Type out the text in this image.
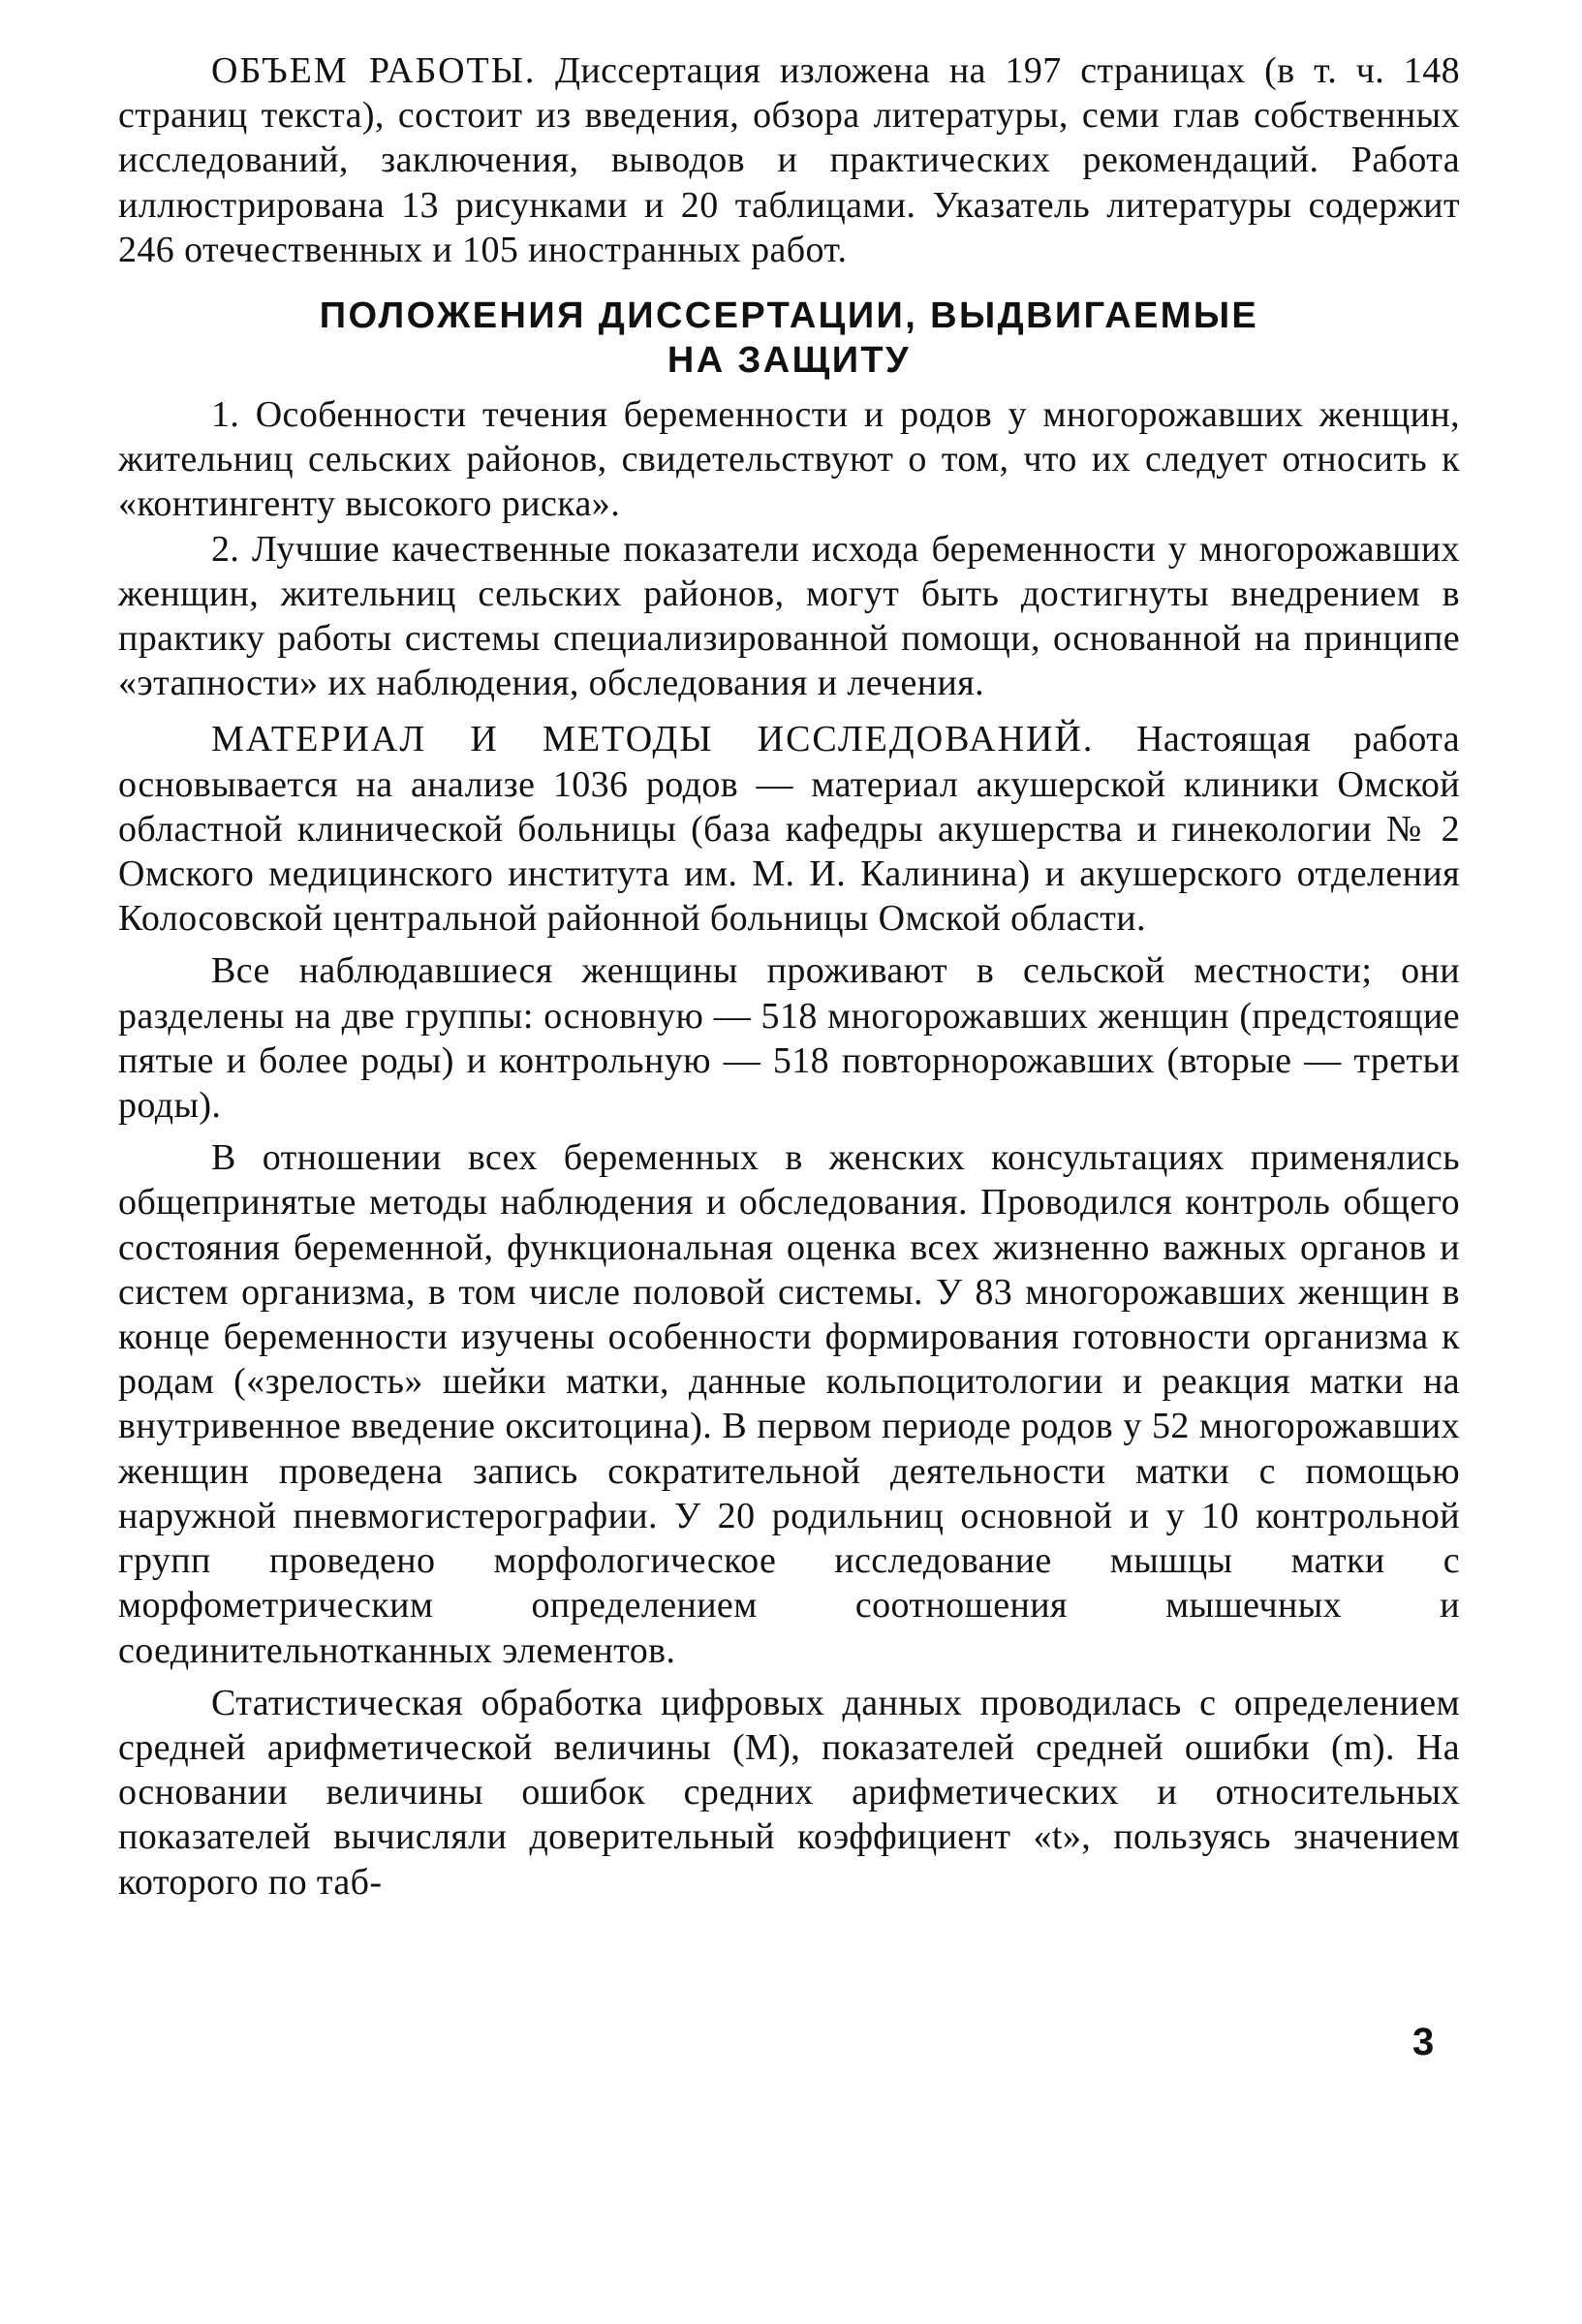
ОБЪЕМ РАБОТЫ. Диссертация изложена на 197 страницах (в т. ч. 148 страниц текста), состоит из введения, обзора литературы, семи глав собственных исследований, заключения, выводов и практических рекомендаций. Работа иллюстрирована 13 рисунками и 20 таблицами. Указатель литературы содержит 246 отечественных и 105 иностранных работ.

ПОЛОЖЕНИЯ ДИССЕРТАЦИИ, ВЫДВИГАЕМЫЕ
НА ЗАЩИТУ

1. Особенности течения беременности и родов у многорожавших женщин, жительниц сельских районов, свидетельствуют о том, что их следует относить к «контингенту высокого риска».

2. Лучшие качественные показатели исхода беременности у многорожавших женщин, жительниц сельских районов, могут быть достигнуты внедрением в практику работы системы специализированной помощи, основанной на принципе «этапности» их наблюдения, обследования и лечения.

МАТЕРИАЛ И МЕТОДЫ ИССЛЕДОВАНИЙ. Настоящая работа основывается на анализе 1036 родов — материал акушерской клиники Омской областной клинической больницы (база кафедры акушерства и гинекологии № 2 Омского медицинского института им. М. И. Калинина) и акушерского отделения Колосовской центральной районной больницы Омской области.

Все наблюдавшиеся женщины проживают в сельской местности; они разделены на две группы: основную — 518 многорожавших женщин (предстоящие пятые и более роды) и контрольную — 518 повторнорожавших (вторые — третьи роды).

В отношении всех беременных в женских консультациях применялись общепринятые методы наблюдения и обследования. Проводился контроль общего состояния беременной, функциональная оценка всех жизненно важных органов и систем организма, в том числе половой системы. У 83 многорожавших женщин в конце беременности изучены особенности формирования готовности организма к родам («зрелость» шейки матки, данные кольпоцитологии и реакция матки на внутривенное введение окситоцина). В первом периоде родов у 52 многорожавших женщин проведена запись сократительной деятельности матки с помощью наружной пневмогистерографии. У 20 родильниц основной и у 10 контрольной групп проведено морфологическое исследование мышцы матки с морфометрическим определением соотношения мышечных и соединительнотканных элементов.

Статистическая обработка цифровых данных проводилась с определением средней арифметической величины (М), показателей средней ошибки (m). На основании величины ошибок средних арифметических и относительных показателей вычисляли доверительный коэффициент «t», пользуясь значением которого по таб-

3
